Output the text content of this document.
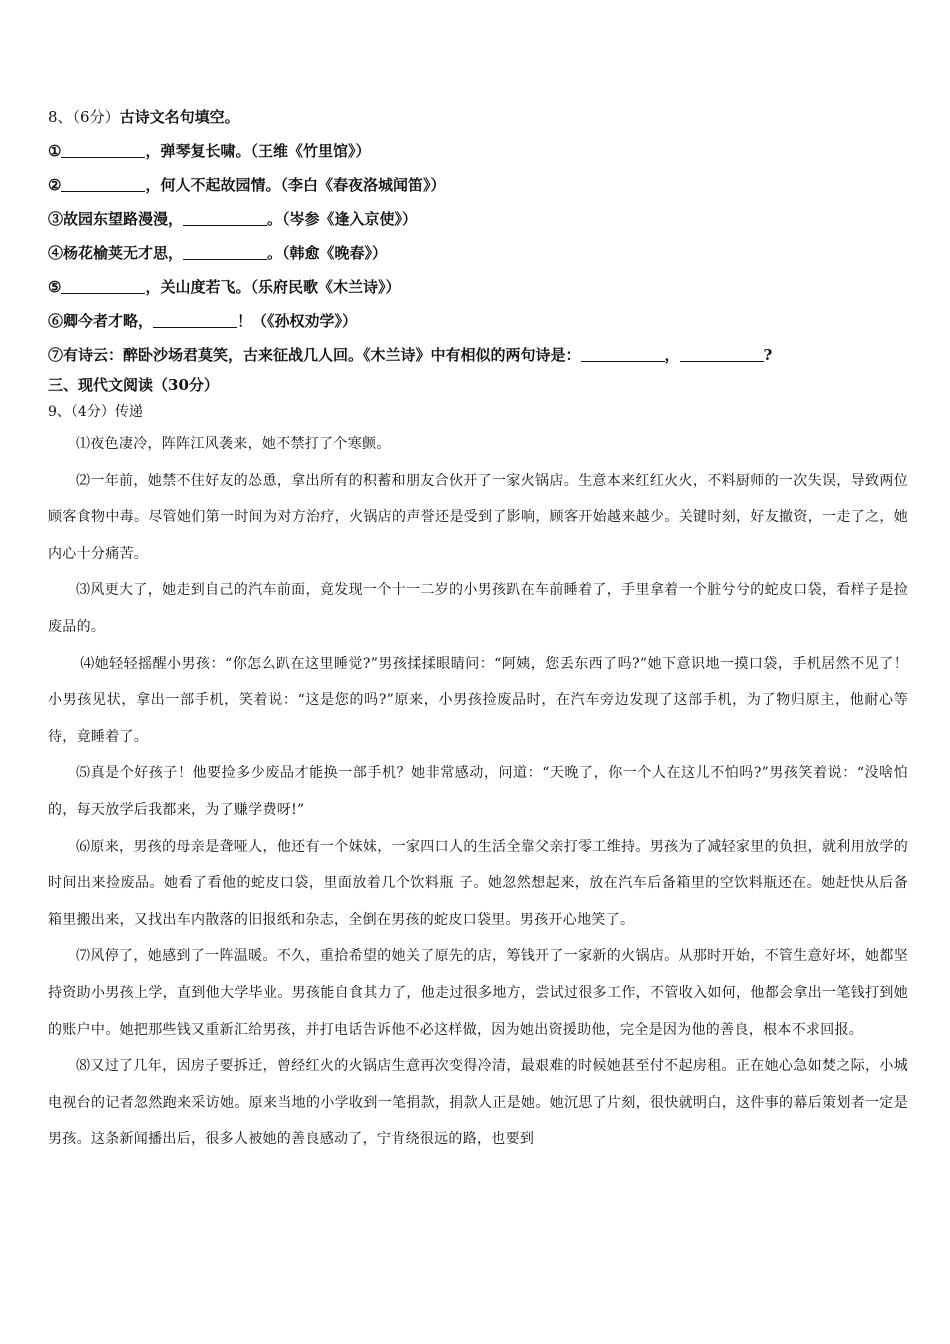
8、（6分）古诗文名句填空。

①	，弹琴复长啸。（王维《竹里馆》）

②	，何人不起故园情。（李白《春夜洛城闻笛》）

③故园东望路漫漫，	。（岑参《逢入京使》）

④杨花榆荚无才思，	。（韩愈《晚春》）

⑤	，关山度若飞。（乐府民歌《木兰诗》）

⑥卿今者才略，	！（《孙权劝学》）

⑦有诗云：醉卧沙场君莫笑，古来征战几人回。《木兰诗》中有相似的两句诗是：	，	?

三、现代文阅读（30分）

9、（4分）传递

⑴夜色凄冷，阵阵江风袭来，她不禁打了个寒颤。

⑵一年前，她禁不住好友的怂恿，拿出所有的积蓄和朋友合伙开了一家火锅店。生意本来红红火火，不料厨师的一次失误，导致两位顾客食物中毒。尽管她们第一时间为对方治疗，火锅店的声誉还是受到了影响，顾客开始越来越少。关键时刻，好友撤资，一走了之，她内心十分痛苦。

⑶风更大了，她走到自己的汽车前面，竟发现一个十一二岁的小男孩趴在车前睡着了，手里拿着一个脏兮兮的蛇皮口袋，看样子是捡废品的。

⑷她轻轻摇醒小男孩：“你怎么趴在这里睡觉?”男孩揉揉眼睛问：“阿姨，您丢东西了吗?”她下意识地一摸口袋，手机居然不见了！小男孩见状，拿出一部手机，笑着说：“这是您的吗?”原来，小男孩捡废品时，在汽车旁边发现了这部手机，为了物归原主，他耐心等待，竟睡着了。

⑸真是个好孩子！他要捡多少废品才能换一部手机？她非常感动，问道：“天晚了，你一个人在这儿不怕吗?”男孩笑着说：“没啥怕的，每天放学后我都来，为了赚学费呀!”

⑹原来，男孩的母亲是聋哑人，他还有一个妹妹，一家四口人的生活全靠父亲打零工维持。男孩为了减轻家里的负担，就利用放学的时间出来捡废品。她看了看他的蛇皮口袋，里面放着几个饮料瓶 子。她忽然想起来，放在汽车后备箱里的空饮料瓶还在。她赶快从后备箱里搬出来，又找出车内散落的旧报纸和杂志，全倒在男孩的蛇皮口袋里。男孩开心地笑了。

⑺风停了，她感到了一阵温暖。不久，重拾希望的她关了原先的店，筹钱开了一家新的火锅店。从那时开始，不管生意好坏，她都坚持资助小男孩上学，直到他大学毕业。男孩能自食其力了，他走过很多地方，尝试过很多工作，不管收入如何，他都会拿出一笔钱打到她的账户中。她把那些钱又重新汇给男孩，并打电话告诉他不必这样做，因为她出资援助他，完全是因为他的善良，根本不求回报。

⑻又过了几年，因房子要拆迁，曾经红火的火锅店生意再次变得冷清，最艰难的时候她甚至付不起房租。正在她心急如焚之际，小城电视台的记者忽然跑来采访她。原来当地的小学收到一笔捐款，捐款人正是她。她沉思了片刻，很快就明白，这件事的幕后策划者一定是男孩。这条新闻播出后，很多人被她的善良感动了，宁肯绕很远的路，也要到
